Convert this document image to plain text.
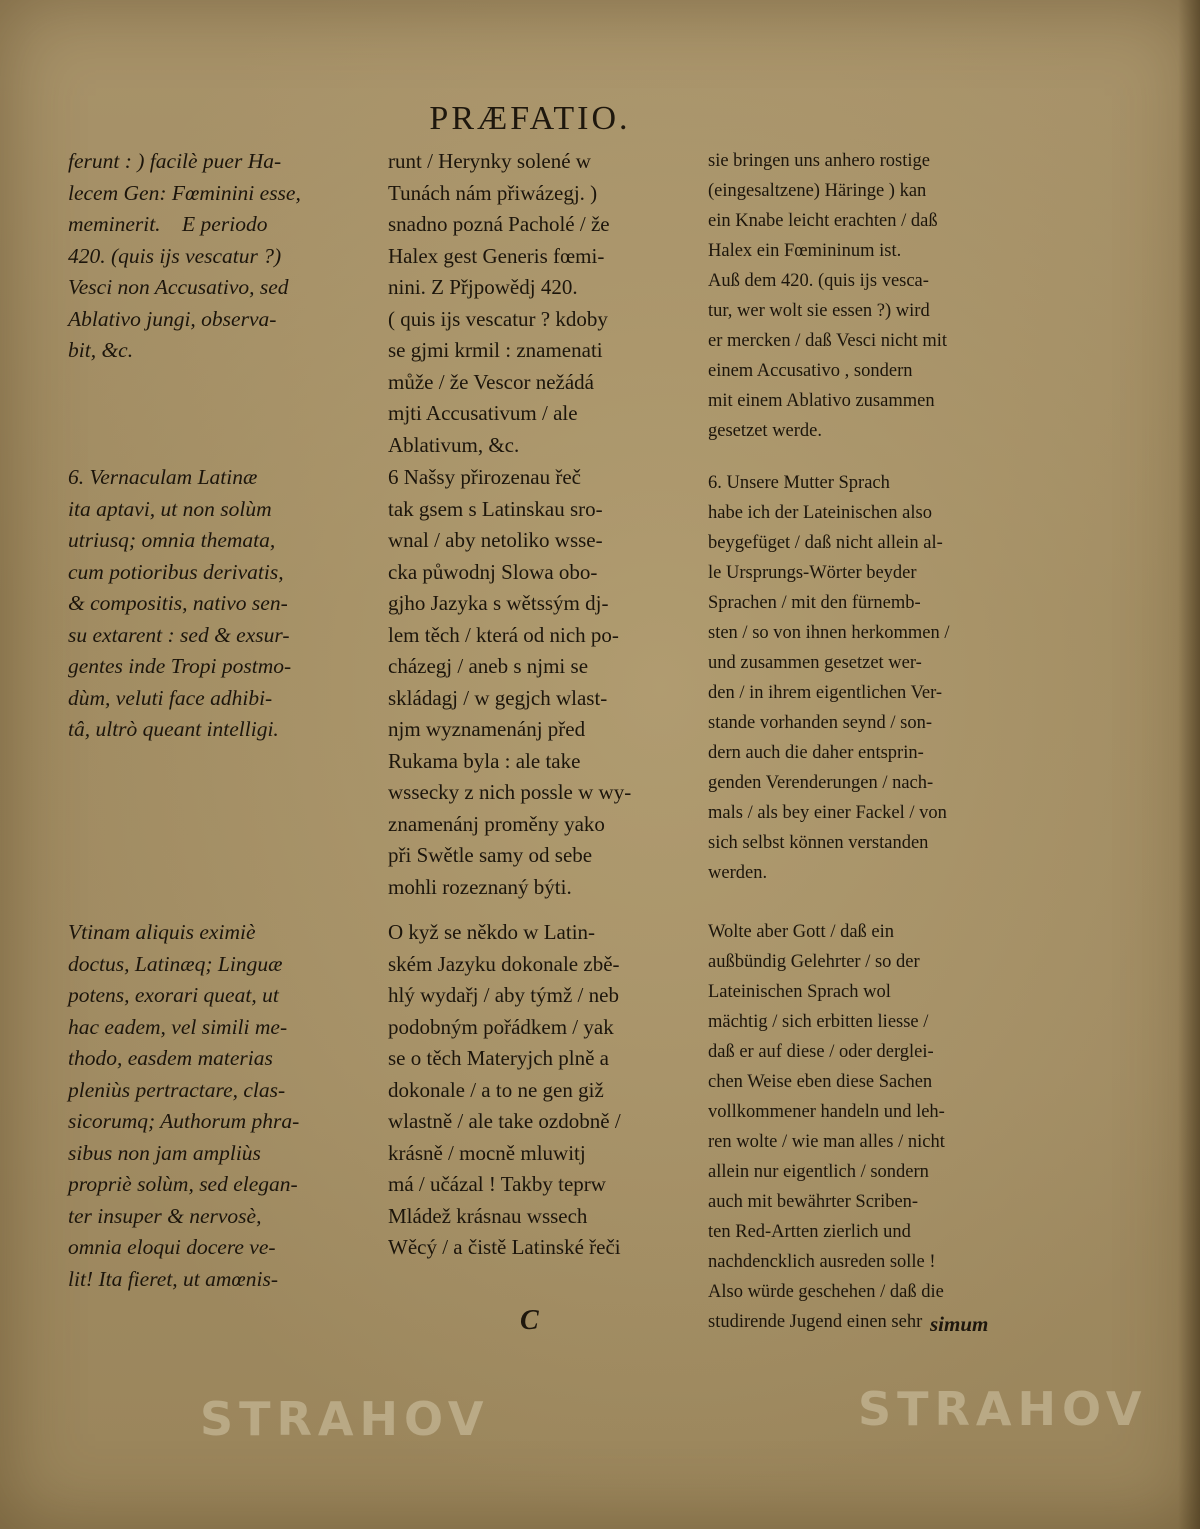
PRÆFATIO.

ferunt : ) facilè puer Ha-

lecem Gen: Fœminini esse,

meminerit.    E periodo

420. (quis ijs vescatur ?)

Vesci non Accusativo, sed

Ablativo jungi, observa-

bit, &c.

6. Vernaculam Latinæ

ita aptavi, ut non solùm

utriusq; omnia themata,

cum potioribus derivatis,

& compositis, nativo sen-

su extarent : sed & exsur-

gentes inde Tropi postmo-

dùm, veluti face adhibi-

tâ, ultrò queant intelligi.

Vtinam aliquis eximiè

doctus, Latinæq; Linguæ

potens, exorari queat, ut

hac eadem, vel simili me-

thodo, easdem materias

pleniùs pertractare, clas-

sicorumq; Authorum phra-

sibus non jam ampliùs

propriè solùm, sed elegan-

ter insuper & nervosè,

omnia eloqui docere ve-

lit! Ita fieret, ut amœnis-

runt / Herynky solené w

Tunách nám přiwázegj. )

snadno pozná Pacholé / že

Halex gest Generis fœmi-

nini. Z Přjpowědj 420.

( quis ijs vescatur ? kdoby

se gjmi krmil : znamenati

může / že Vescor nežádá

mjti Accusativum / ale

Ablativum, &c.

6 Našsy přirozenau řeč

tak gsem s Latinskau sro-

wnal / aby netoliko wsse-

cka půwodnj Slowa obo-

gjho Jazyka s wětssým dj-

lem těch / která od nich po-

cházegj / aneb s njmi se

skládagj / w gegjch wlast-

njm wyznamenánj před

Rukama byla : ale take

wssecky z nich possle w wy-

znamenánj proměny yako

při Swětle samy od sebe

mohli rozeznaný býti.

O kyž se někdo w Latin-

ském Jazyku dokonale zbě-

hlý wydařj / aby týmž / neb

podobným pořádkem / yak

se o těch Materyjch plně a

dokonale / a to ne gen giž

wlastně / ale take ozdobně /

krásně / mocně mluwitj

má / učázal ! Takby teprw

Mládež krásnau wssech

Wěcý / a čistě Latinské řeči

sie bringen uns anhero rostige

(eingesaltzene) Häringe ) kan

ein Knabe leicht erachten / daß

Halex ein Fœmininum ist.

Auß dem 420. (quis ijs vesca-

tur, wer wolt sie essen ?) wird

er mercken / daß Vesci nicht mit

einem Accusativo , sondern

mit einem Ablativo zusammen

gesetzet werde.

6. Unsere Mutter Sprach

habe ich der Lateinischen also

beygefüget / daß nicht allein al-

le Ursprungs-Wörter beyder

Sprachen / mit den fürnemb-

sten / so von ihnen herkommen /

und zusammen gesetzet wer-

den / in ihrem eigentlichen Ver-

stande vorhanden seynd / son-

dern auch die daher entsprin-

genden Verenderungen / nach-

mals / als bey einer Fackel / von

sich selbst können verstanden

werden.

Wolte aber Gott / daß ein

außbündig Gelehrter / so der

Lateinischen Sprach wol

mächtig / sich erbitten liesse /

daß er auf diese / oder derglei-

chen Weise eben diese Sachen

vollkommener handeln und leh-

ren wolte / wie man alles / nicht

allein nur eigentlich / sondern

auch mit bewährter Scriben-

ten Red-Artten zierlich und

nachdencklich ausreden solle !

Also würde geschehen / daß die

studirende Jugend einen sehr

C	simum
STRAHOV	STRAHOV
